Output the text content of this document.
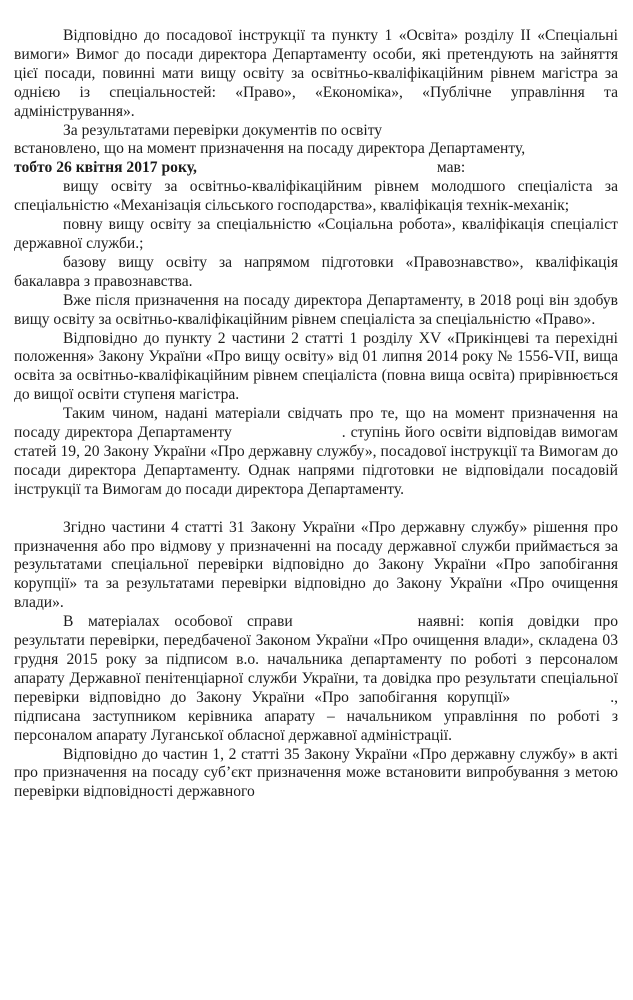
Відповідно до посадової інструкції та пункту 1 «Освіта» розділу II «Спеціальні вимоги» Вимог до посади директора Департаменту особи, які претендують на зайняття цієї посади, повинні мати вищу освіту за освітньо-кваліфікаційним рівнем магістра за однією із спеціальностей: «Право», «Економіка», «Публічне управління та адміністрування».

За результатами перевірки документів по освіту

встановлено, що на момент призначення на посаду директора Департаменту,
тобто 26 квітня 2017 року,	мав:

вищу освіту за освітньо-кваліфікаційним рівнем молодшого спеціаліста за спеціальністю «Механізація сільського господарства», кваліфікація технік-механік;

повну вищу освіту за спеціальністю «Соціальна робота», кваліфікація спеціаліст державної служби.;

базову вищу освіту за напрямом підготовки «Правознавство», кваліфікація бакалавра з правознавства.

Вже після призначення на посаду директора Департаменту, в 2018 році він здобув вищу освіту за освітньо-кваліфікаційним рівнем спеціаліста за спеціальністю «Право».

Відповідно до пункту 2 частини 2 статті 1 розділу XV «Прикінцеві та перехідні положення» Закону України «Про вищу освіту» від 01 липня 2014 року № 1556-VII, вища освіта за освітньо-кваліфікаційним рівнем спеціаліста (повна вища освіта) прирівнюється до вищої освіти ступеня магістра.

Таким чином, надані матеріали свідчать про те, що на момент призначення на посаду директора Департаменту	. ступінь його освіти відповідав вимогам статей 19, 20 Закону України «Про державну службу», посадової інструкції та Вимогам до посади директора Департаменту. Однак напрями підготовки не відповідали посадовій інструкції та Вимогам до посади директора Департаменту.

Згідно частини 4 статті 31 Закону України «Про державну службу» рішення про призначення або про відмову у призначенні на посаду державної служби приймається за результатами спеціальної перевірки відповідно до Закону України «Про запобігання корупції» та за результатами перевірки відповідно до Закону України «Про очищення влади».

В матеріалах особової справи	наявні: копія довідки про результати перевірки, передбаченої Законом України «Про очищення влади», складена 03 грудня 2015 року за підписом в.о. начальника департаменту по роботі з персоналом апарату Державної пенітенціарної служби України, та довідка про результати спеціальної перевірки відповідно до Закону України «Про запобігання корупції»	., підписана заступником керівника апарату – начальником управління по роботі з персоналом апарату Луганської обласної державної адміністрації.

Відповідно до частин 1, 2 статті 35 Закону України «Про державну службу» в акті про призначення на посаду суб’єкт призначення може встановити випробування з метою перевірки відповідності державного
